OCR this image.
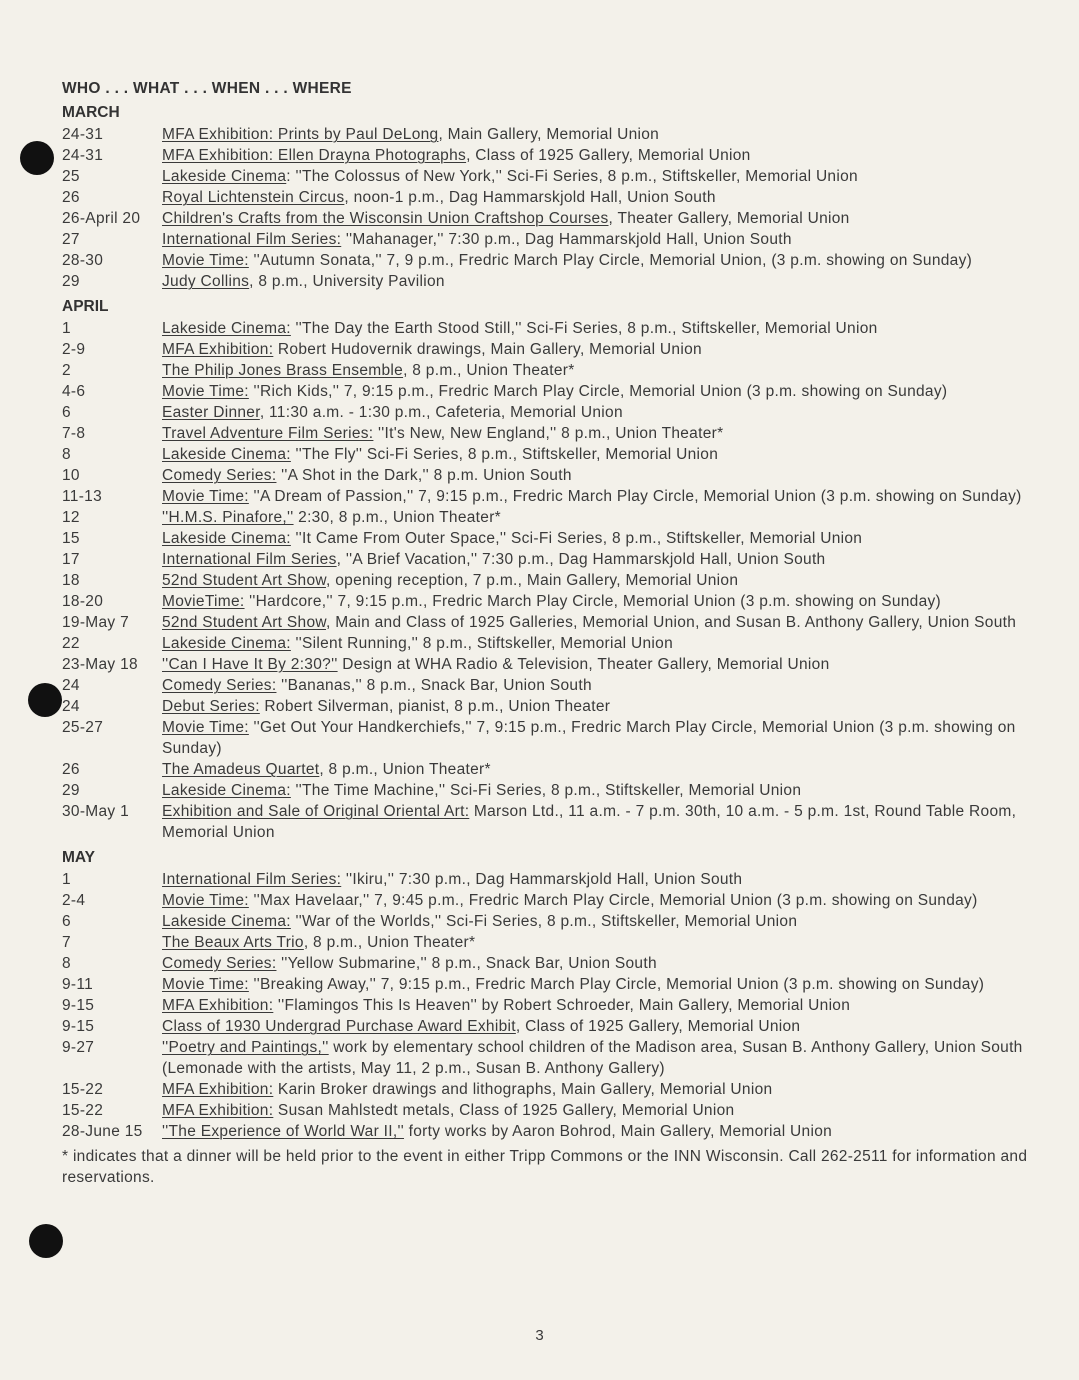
WHO . . . WHAT . . . WHEN . . . WHERE
MARCH
24-31	MFA Exhibition: Prints by Paul DeLong, Main Gallery, Memorial Union
24-31	MFA Exhibition: Ellen Drayna Photographs, Class of 1925 Gallery, Memorial Union
25	Lakeside Cinema: ''The Colossus of New York,'' Sci-Fi Series, 8 p.m., Stiftskeller, Memorial Union
26	Royal Lichtenstein Circus, noon-1 p.m., Dag Hammarskjold Hall, Union South
26-April 20	Children's Crafts from the Wisconsin Union Craftshop Courses, Theater Gallery, Memorial Union
27	International Film Series: ''Mahanager,'' 7:30 p.m., Dag Hammarskjold Hall, Union South
28-30	Movie Time: ''Autumn Sonata,'' 7, 9 p.m., Fredric March Play Circle, Memorial Union, (3 p.m. showing on Sunday)
29	Judy Collins, 8 p.m., University Pavilion
APRIL
1	Lakeside Cinema: ''The Day the Earth Stood Still,'' Sci-Fi Series, 8 p.m., Stiftskeller, Memorial Union
2-9	MFA Exhibition: Robert Hudovernik drawings, Main Gallery, Memorial Union
2	The Philip Jones Brass Ensemble, 8 p.m., Union Theater*
4-6	Movie Time: ''Rich Kids,'' 7, 9:15 p.m., Fredric March Play Circle, Memorial Union (3 p.m. showing on Sunday)
6	Easter Dinner, 11:30 a.m. - 1:30 p.m., Cafeteria, Memorial Union
7-8	Travel Adventure Film Series: ''It's New, New England,'' 8 p.m., Union Theater*
8	Lakeside Cinema: ''The Fly'' Sci-Fi Series, 8 p.m., Stiftskeller, Memorial Union
10	Comedy Series: ''A Shot in the Dark,'' 8 p.m. Union South
11-13	Movie Time: ''A Dream of Passion,'' 7, 9:15 p.m., Fredric March Play Circle, Memorial Union (3 p.m. showing on Sunday)
12	''H.M.S. Pinafore,'' 2:30, 8 p.m., Union Theater*
15	Lakeside Cinema: ''It Came From Outer Space,'' Sci-Fi Series, 8 p.m., Stiftskeller, Memorial Union
17	International Film Series, ''A Brief Vacation,'' 7:30 p.m., Dag Hammarskjold Hall, Union South
18	52nd Student Art Show, opening reception, 7 p.m., Main Gallery, Memorial Union
18-20	MovieTime: ''Hardcore,'' 7, 9:15 p.m., Fredric March Play Circle, Memorial Union (3 p.m. showing on Sunday)
19-May 7	52nd Student Art Show, Main and Class of 1925 Galleries, Memorial Union, and Susan B. Anthony Gallery, Union South
22	Lakeside Cinema: ''Silent Running,'' 8 p.m., Stiftskeller, Memorial Union
23-May 18	''Can I Have It By 2:30?'' Design at WHA Radio & Television, Theater Gallery, Memorial Union
24	Comedy Series: ''Bananas,'' 8 p.m., Snack Bar, Union South
24	Debut Series: Robert Silverman, pianist, 8 p.m., Union Theater
25-27	Movie Time: ''Get Out Your Handkerchiefs,'' 7, 9:15 p.m., Fredric March Play Circle, Memorial Union (3 p.m. showing on Sunday)
26	The Amadeus Quartet, 8 p.m., Union Theater*
29	Lakeside Cinema: ''The Time Machine,'' Sci-Fi Series, 8 p.m., Stiftskeller, Memorial Union
30-May 1	Exhibition and Sale of Original Oriental Art: Marson Ltd., 11 a.m. - 7 p.m. 30th, 10 a.m. - 5 p.m. 1st, Round Table Room, Memorial Union
MAY
1	International Film Series: ''Ikiru,'' 7:30 p.m., Dag Hammarskjold Hall, Union South
2-4	Movie Time: ''Max Havelaar,'' 7, 9:45 p.m., Fredric March Play Circle, Memorial Union (3 p.m. showing on Sunday)
6	Lakeside Cinema: ''War of the Worlds,'' Sci-Fi Series, 8 p.m., Stiftskeller, Memorial Union
7	The Beaux Arts Trio, 8 p.m., Union Theater*
8	Comedy Series: ''Yellow Submarine,'' 8 p.m., Snack Bar, Union South
9-11	Movie Time: ''Breaking Away,'' 7, 9:15 p.m., Fredric March Play Circle, Memorial Union (3 p.m. showing on Sunday)
9-15	MFA Exhibition: ''Flamingos This Is Heaven'' by Robert Schroeder, Main Gallery, Memorial Union
9-15	Class of 1930 Undergrad Purchase Award Exhibit, Class of 1925 Gallery, Memorial Union
9-27	''Poetry and Paintings,'' work by elementary school children of the Madison area, Susan B. Anthony Gallery, Union South (Lemonade with the artists, May 11, 2 p.m., Susan B. Anthony Gallery)
15-22	MFA Exhibition: Karin Broker drawings and lithographs, Main Gallery, Memorial Union
15-22	MFA Exhibition: Susan Mahlstedt metals, Class of 1925 Gallery, Memorial Union
28-June 15	''The Experience of World War II,'' forty works by Aaron Bohrod, Main Gallery, Memorial Union
* indicates that a dinner will be held prior to the event in either Tripp Commons or the INN Wisconsin. Call 262-2511 for information and reservations.
3
